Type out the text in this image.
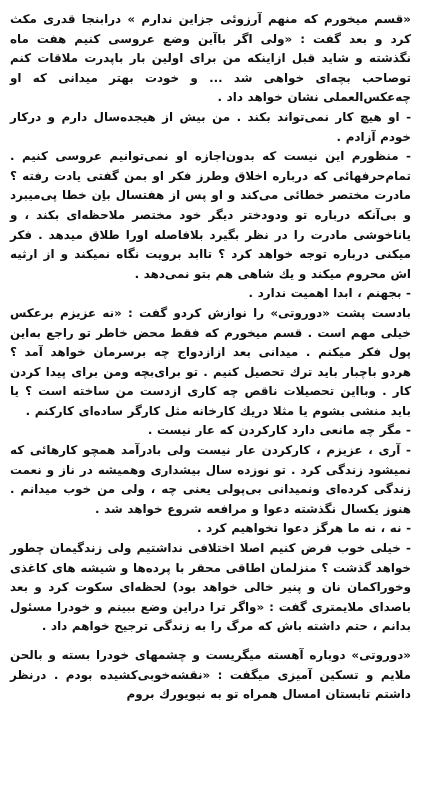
«قسم میخورم که منهم آرزوئی جزاین ندارم » درابنجا قدری مکث کرد و بعد گفت : «ولی اگر باآین وضع عروسی کنیم هفت ماه نگذشته و شاید قبل ازاینکه من برای اولین بار باپدرت ملاقات کنم توصاحب بچه‌ای خواهی شد ... و خودت بهتر میدانی که او چه‌عکس‌العملی نشان خواهد داد .

- او هیچ کار نمی‌تواند بکند . من بیش از هیجده‌سال دارم و درکار خودم آزادم .

- منظورم این نیست که بدون‌اجازه او نمی‌توانیم عروسی کنیم . تمام‌حرفهائی که درباره اخلاق وطرز فکر او بمن گفتی یادت رفته ؟ مادرت مختصر خطائی می‌کند و او پس از هفتسال باِن خطا پی‌میبرد و بی‌آنکه درباره تو ودودختر دیگر خود مختصر ملاحظه‌ای بکند ، و یاناخوشی مادرت را در نظر بگیرد بلافاصله اورا طلاق میدهد . فکر میکنی درباره توجه خواهد کرد ؟ تاابد برویت نگاه نمیکند و از ارثیه اش محروم میکند و یك شاهی هم بتو نمی‌دهد .

- بجهنم ، ابدا اهمیت ندارد .

بادست پشت «دوروتی» را نوازش کردو گفت : «نه عزیزم برعکس خیلی مهم است . قسم میخورم که فقط محض خاطر تو راجع به‌این پول فکر میکنم . میدانی بعد ازازدواج چه برسرمان خواهد آمد ؟ هردو باچبار باید ترك تحصیل کنیم . تو برای‌بچه ومن برای پیدا کردن کار . وبااین تحصیلات ناقص چه کاری ازدست من ساخته است ؟ یا باید منشی بشوم یا مثلا دریك کارخانه مثل کارگر ساده‌ای کارکنم .

- مگر چه مانعی دارد کارکردن که عار نیست .

- آری ، عزیزم ، کارکردن عار نیست ولی بادرآمد همچو کارهائی که نمیشود زندگی کرد . تو نوزده سال بیشداری وهمیشه در ناز و نعمت زندگی کرده‌ای ونمیدانی بی‌پولی یعنی چه ، ولی من خوب میدانم . هنوز یکسال نگذشته دعوا و مرافعه شروع خواهد شد .

- نه ، نه ما هرگز دعوا نخواهیم کرد .

- خیلی خوب فرض کنیم اصلا اختلافی نداشتیم ولی زندگیمان چطور خواهد گذشت ؟ منزلمان اطاقی محقر با پرده‌ها و شیشه های کاغذی وخوراکمان نان و پنیر خالی خواهد بود) لحظه‌ای سکوت کرد و بعد باصدای ملایمتری گفت : «واگر ترا دراین وضع ببینم و خودرا مسئول بدانم ، حتم داشته باش که مرگ را به زندگی ترجیح خواهم داد .

«دوروتی» دوباره آهسته میگریست و چشمهای خودرا بسته و بالحن ملایم و تسکین آمیزی میگفت : «نقشه‌خوبی‌کشیده بودم . درنظر داشتم تابستان امسال همراه تو به نیویورك بروم
